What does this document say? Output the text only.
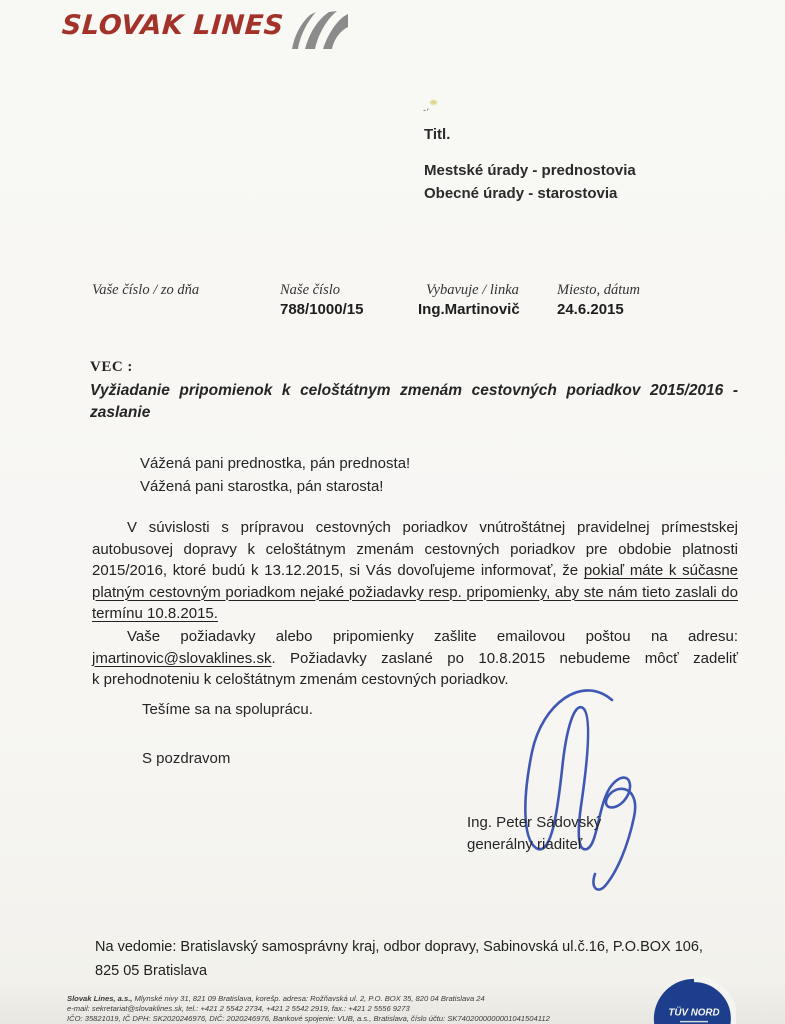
SLOVAK LINES
`´
Titl.
Mestské úrady - prednostovia
Obecné úrady - starostovia
Vaše číslo / zo dňa	Naše číslo
788/1000/15
Vybavuje / linka
Ing.Martinovič
Miesto, dátum
24.6.2015
VEC :
Vyžiadanie pripomienok k celoštátnym zmenám cestovných poriadkov 2015/2016 -
zaslanie
Vážená pani prednostka, pán prednosta!
Vážená pani starostka, pán starosta!
V súvislosti s prípravou cestovných poriadkov vnútroštátnej pravidelnej prímestskej
autobusovej dopravy k celoštátnym zmenám cestovných poriadkov pre obdobie platnosti
2015/2016, ktoré budú k 13.12.2015, si Vás dovoľujeme informovať, že pokiaľ máte k súčasne
platným cestovným poriadkom nejaké požiadavky resp. pripomienky, aby ste nám tieto zaslali do
termínu 10.8.2015.
Vaše požiadavky alebo pripomienky zašlite emailovou poštou na adresu:
jmartinovic@slovaklines.sk. Požiadavky zaslané po 10.8.2015 nebudeme môcť zadeliť
k prehodnoteniu k celoštátnym zmenám cestovných poriadkov.
Tešíme sa na spoluprácu.
S pozdravom
Ing. Peter Sádovský
generálny riaditeľ
Na vedomie: Bratislavský samosprávny kraj, odbor dopravy, Sabinovská ul.č.16, P.O.BOX 106,
825 05 Bratislava
Slovak Lines, a.s., Mlynské nivy 31, 821 09 Bratislava, korešp. adresa: Rožňavská ul. 2, P.O. BOX 35, 820 04 Bratislava 24
e-mail: sekretariat@slovaklines.sk, tel.: +421 2 5542 2734, +421 2 5542 2919, fax.: +421 2 5556 9273
IČO: 35821019, IČ DPH: SK2020246976, DIČ: 2020246976, Bankové spojenie: VUB, a.s., Bratislava, číslo účtu: SK7402000000001041504112	TÜV NORD
